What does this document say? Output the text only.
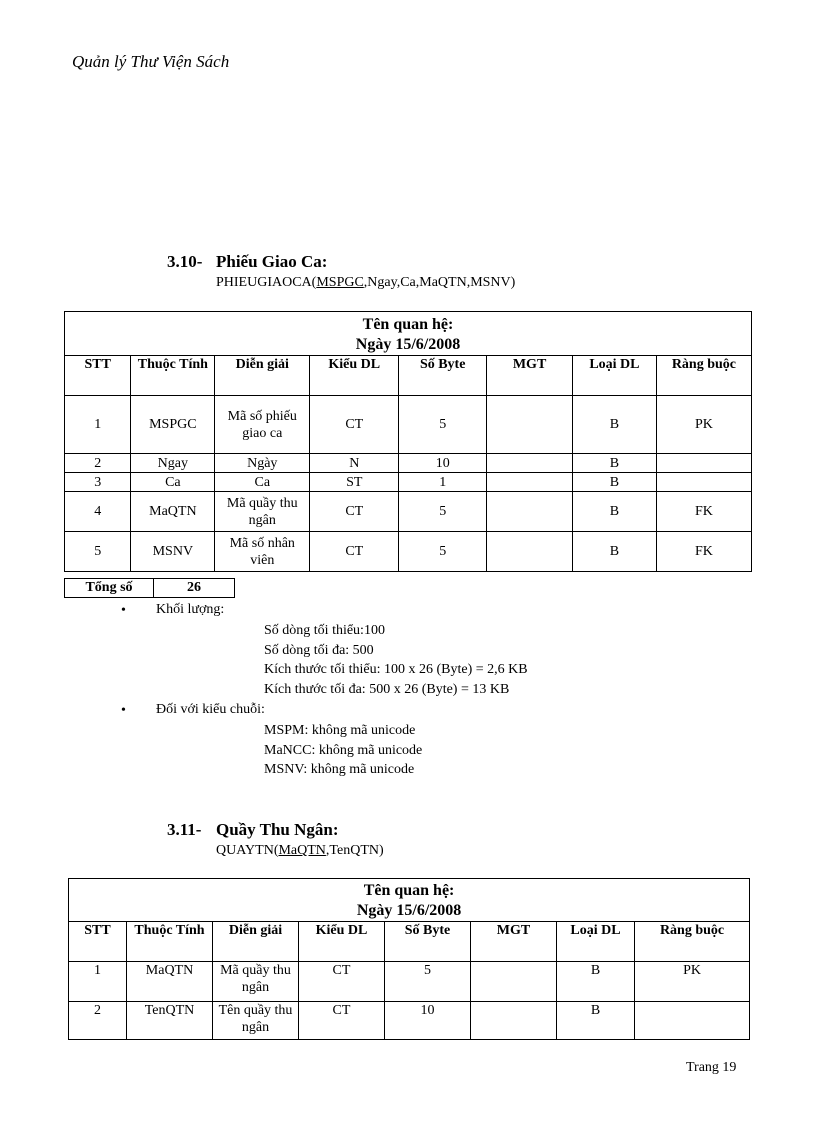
Quản lý Thư Viện Sách
3.10- Phiếu Giao Ca:
PHIEUGIAOCA(MSPGC,Ngay,Ca,MaQTN,MSNV)
Tên quan hệ:
Ngày 15/6/2008							

STT	Thuộc Tính	Diễn giải	Kiểu DL	Số Byte	MGT	Loại DL	Ràng buộc
1	MSPGC	Mã số phiếu giao ca	CT	5		B	PK
2	Ngay	Ngày	N	10		B	
3	Ca	Ca	ST	1		B	
4	MaQTN	Mã quầy thu ngân	CT	5		B	FK
5	MSNV	Mã số nhân viên	CT	5		B	FK
Tổng số	26
• Khối lượng:
Số dòng tối thiểu:100
Số dòng tối đa: 500
Kích thước tối thiểu: 100 x 26 (Byte) = 2,6 KB
Kích thước tối đa: 500 x 26 (Byte) = 13 KB
• Đối với kiểu chuỗi:
MSPM: không mã unicode
MaNCC: không mã unicode
MSNV: không mã unicode
3.11- Quầy Thu Ngân:
QUAYTN(MaQTN,TenQTN)
Tên quan hệ:
Ngày 15/6/2008							

STT	Thuộc Tính	Diễn giải	Kiểu DL	Số Byte	MGT	Loại DL	Ràng buộc
1	MaQTN	Mã quầy thu ngân	CT	5		B	PK
2	TenQTN	Tên quầy thu ngân	CT	10		B	
Trang 19
